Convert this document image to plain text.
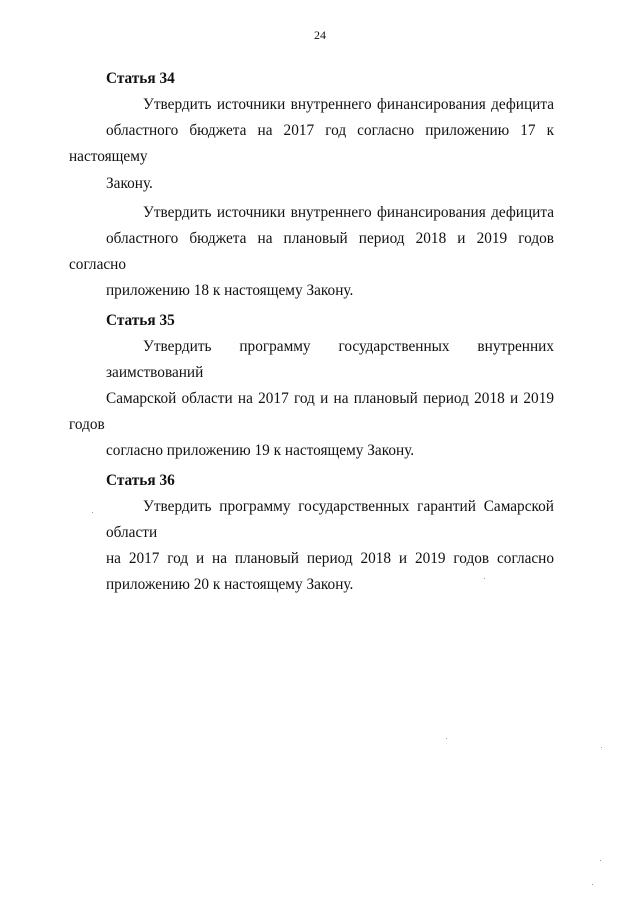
24
Статья 34
Утвердить источники внутреннего финансирования дефицита
областного бюджета на 2017 год согласно приложению 17 к настоящему
Закону.
Утвердить источники внутреннего финансирования дефицита
областного бюджета на плановый период 2018 и 2019 годов согласно
приложению 18 к настоящему Закону.
Статья 35
Утвердить программу государственных внутренних заимствований
Самарской области на 2017 год и на плановый период 2018 и 2019 годов
согласно приложению 19 к настоящему Закону.
Статья 36
Утвердить программу государственных гарантий Самарской области
на 2017 год и на плановый период 2018 и 2019 годов согласно
приложению 20 к настоящему Закону.
